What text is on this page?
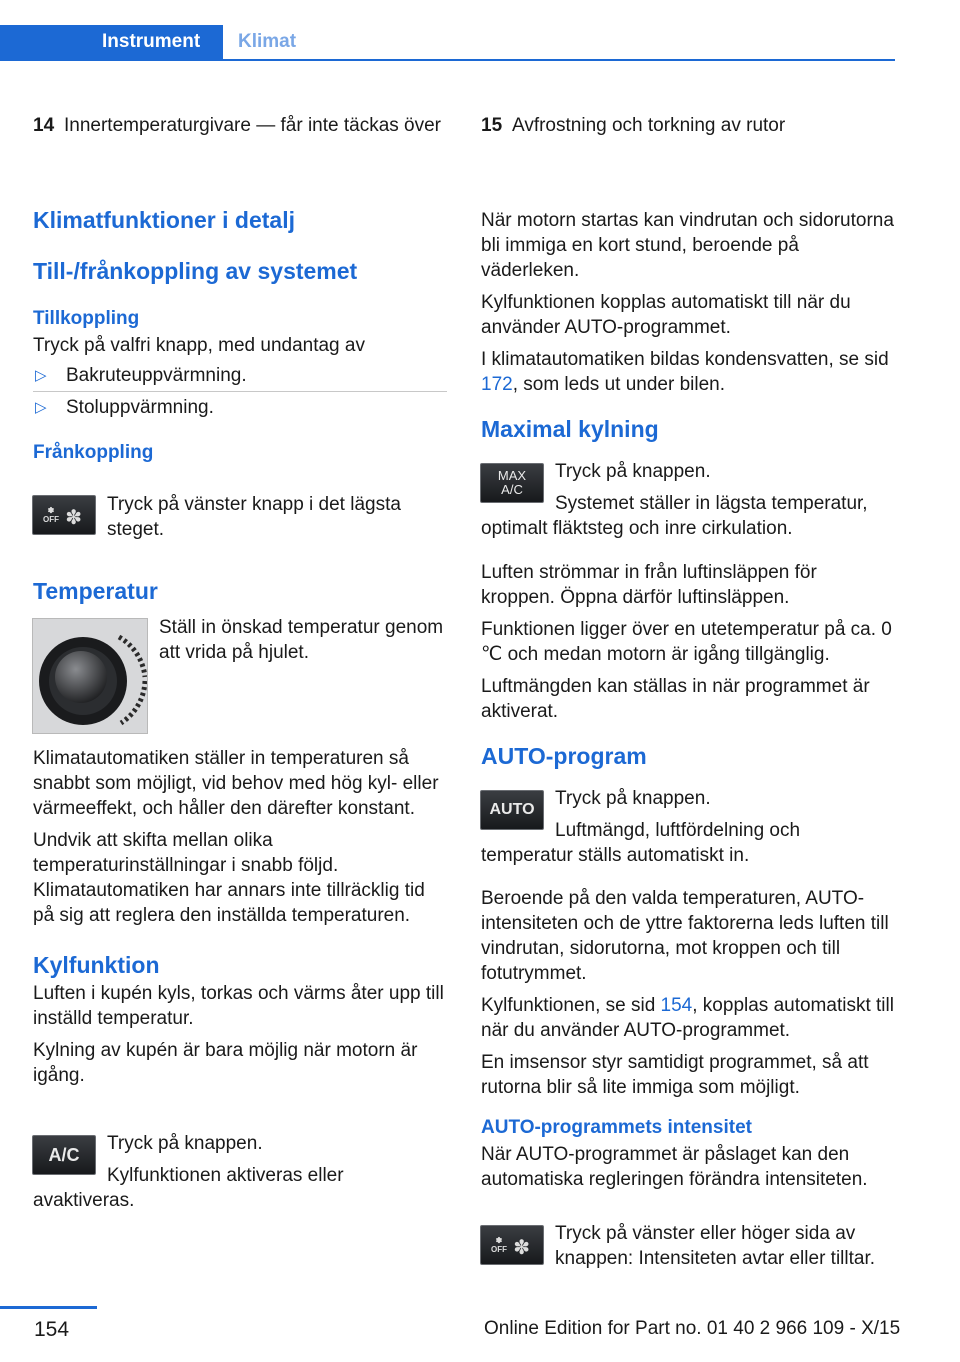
Instrument	Klimat
14 Innertemperaturgivare — får inte täckas över 15 Avfrostning och torkning av rutor
Klimatfunktioner i detalj
Till-/frånkoppling av systemet
Tillkoppling
Tryck på valfri knapp, med undantag av
▷ Bakruteuppvärmning.
▷ Stoluppvärmning.
Frånkoppling
✽
OFF ✽
Tryck på vänster knapp i det lägsta steget.
Temperatur
Ställ in önskad temperatur genom att vrida på hjulet.
Klimatautomatiken ställer in temperaturen så snabbt som möjligt, vid behov med hög kyl- eller värmeeffekt, och håller den därefter konstant.
Undvik att skifta mellan olika temperaturinställningar i snabb följd. Klimatautomatiken har annars inte tillräcklig tid på sig att reglera den inställda temperaturen.
Kylfunktion
Luften i kupén kyls, torkas och värms åter upp till inställd temperatur.
Kylning av kupén är bara möjlig när motorn är igång.
A/C
Tryck på knappen.
Kylfunktionen aktiveras eller avaktiveras.
När motorn startas kan vindrutan och sidorutorna bli immiga en kort stund, beroende på väderleken.
Kylfunktionen kopplas automatiskt till när du använder AUTO-programmet.
I klimatautomatiken bildas kondensvatten, se sid 172, som leds ut under bilen.
Maximal kylning
MAX
A/C
Tryck på knappen.
Systemet ställer in lägsta temperatur, optimalt fläktsteg och inre cirkulation.
Luften strömmar in från luftinsläppen för kroppen. Öppna därför luftinsläppen.
Funktionen ligger över en utetemperatur på ca. 0 ℃ och medan motorn är igång tillgänglig.
Luftmängden kan ställas in när programmet är aktiverat.
AUTO-program
AUTO
Tryck på knappen.
Luftmängd, luftfördelning och temperatur ställs automatiskt in.
Beroende på den valda temperaturen, AUTO-intensiteten och de yttre faktorerna leds luften till vindrutan, sidorutorna, mot kroppen och till fotutrymmet.
Kylfunktionen, se sid 154, kopplas automatiskt till när du använder AUTO-programmet.
En imsensor styr samtidigt programmet, så att rutorna blir så lite immiga som möjligt.
AUTO-programmets intensitet
När AUTO-programmet är påslaget kan den automatiska regleringen förändra intensiteten.
✽
OFF ✽
Tryck på vänster eller höger sida av knappen: Intensiteten avtar eller tilltar.
154	Online Edition for Part no. 01 40 2 966 109 - X/15
